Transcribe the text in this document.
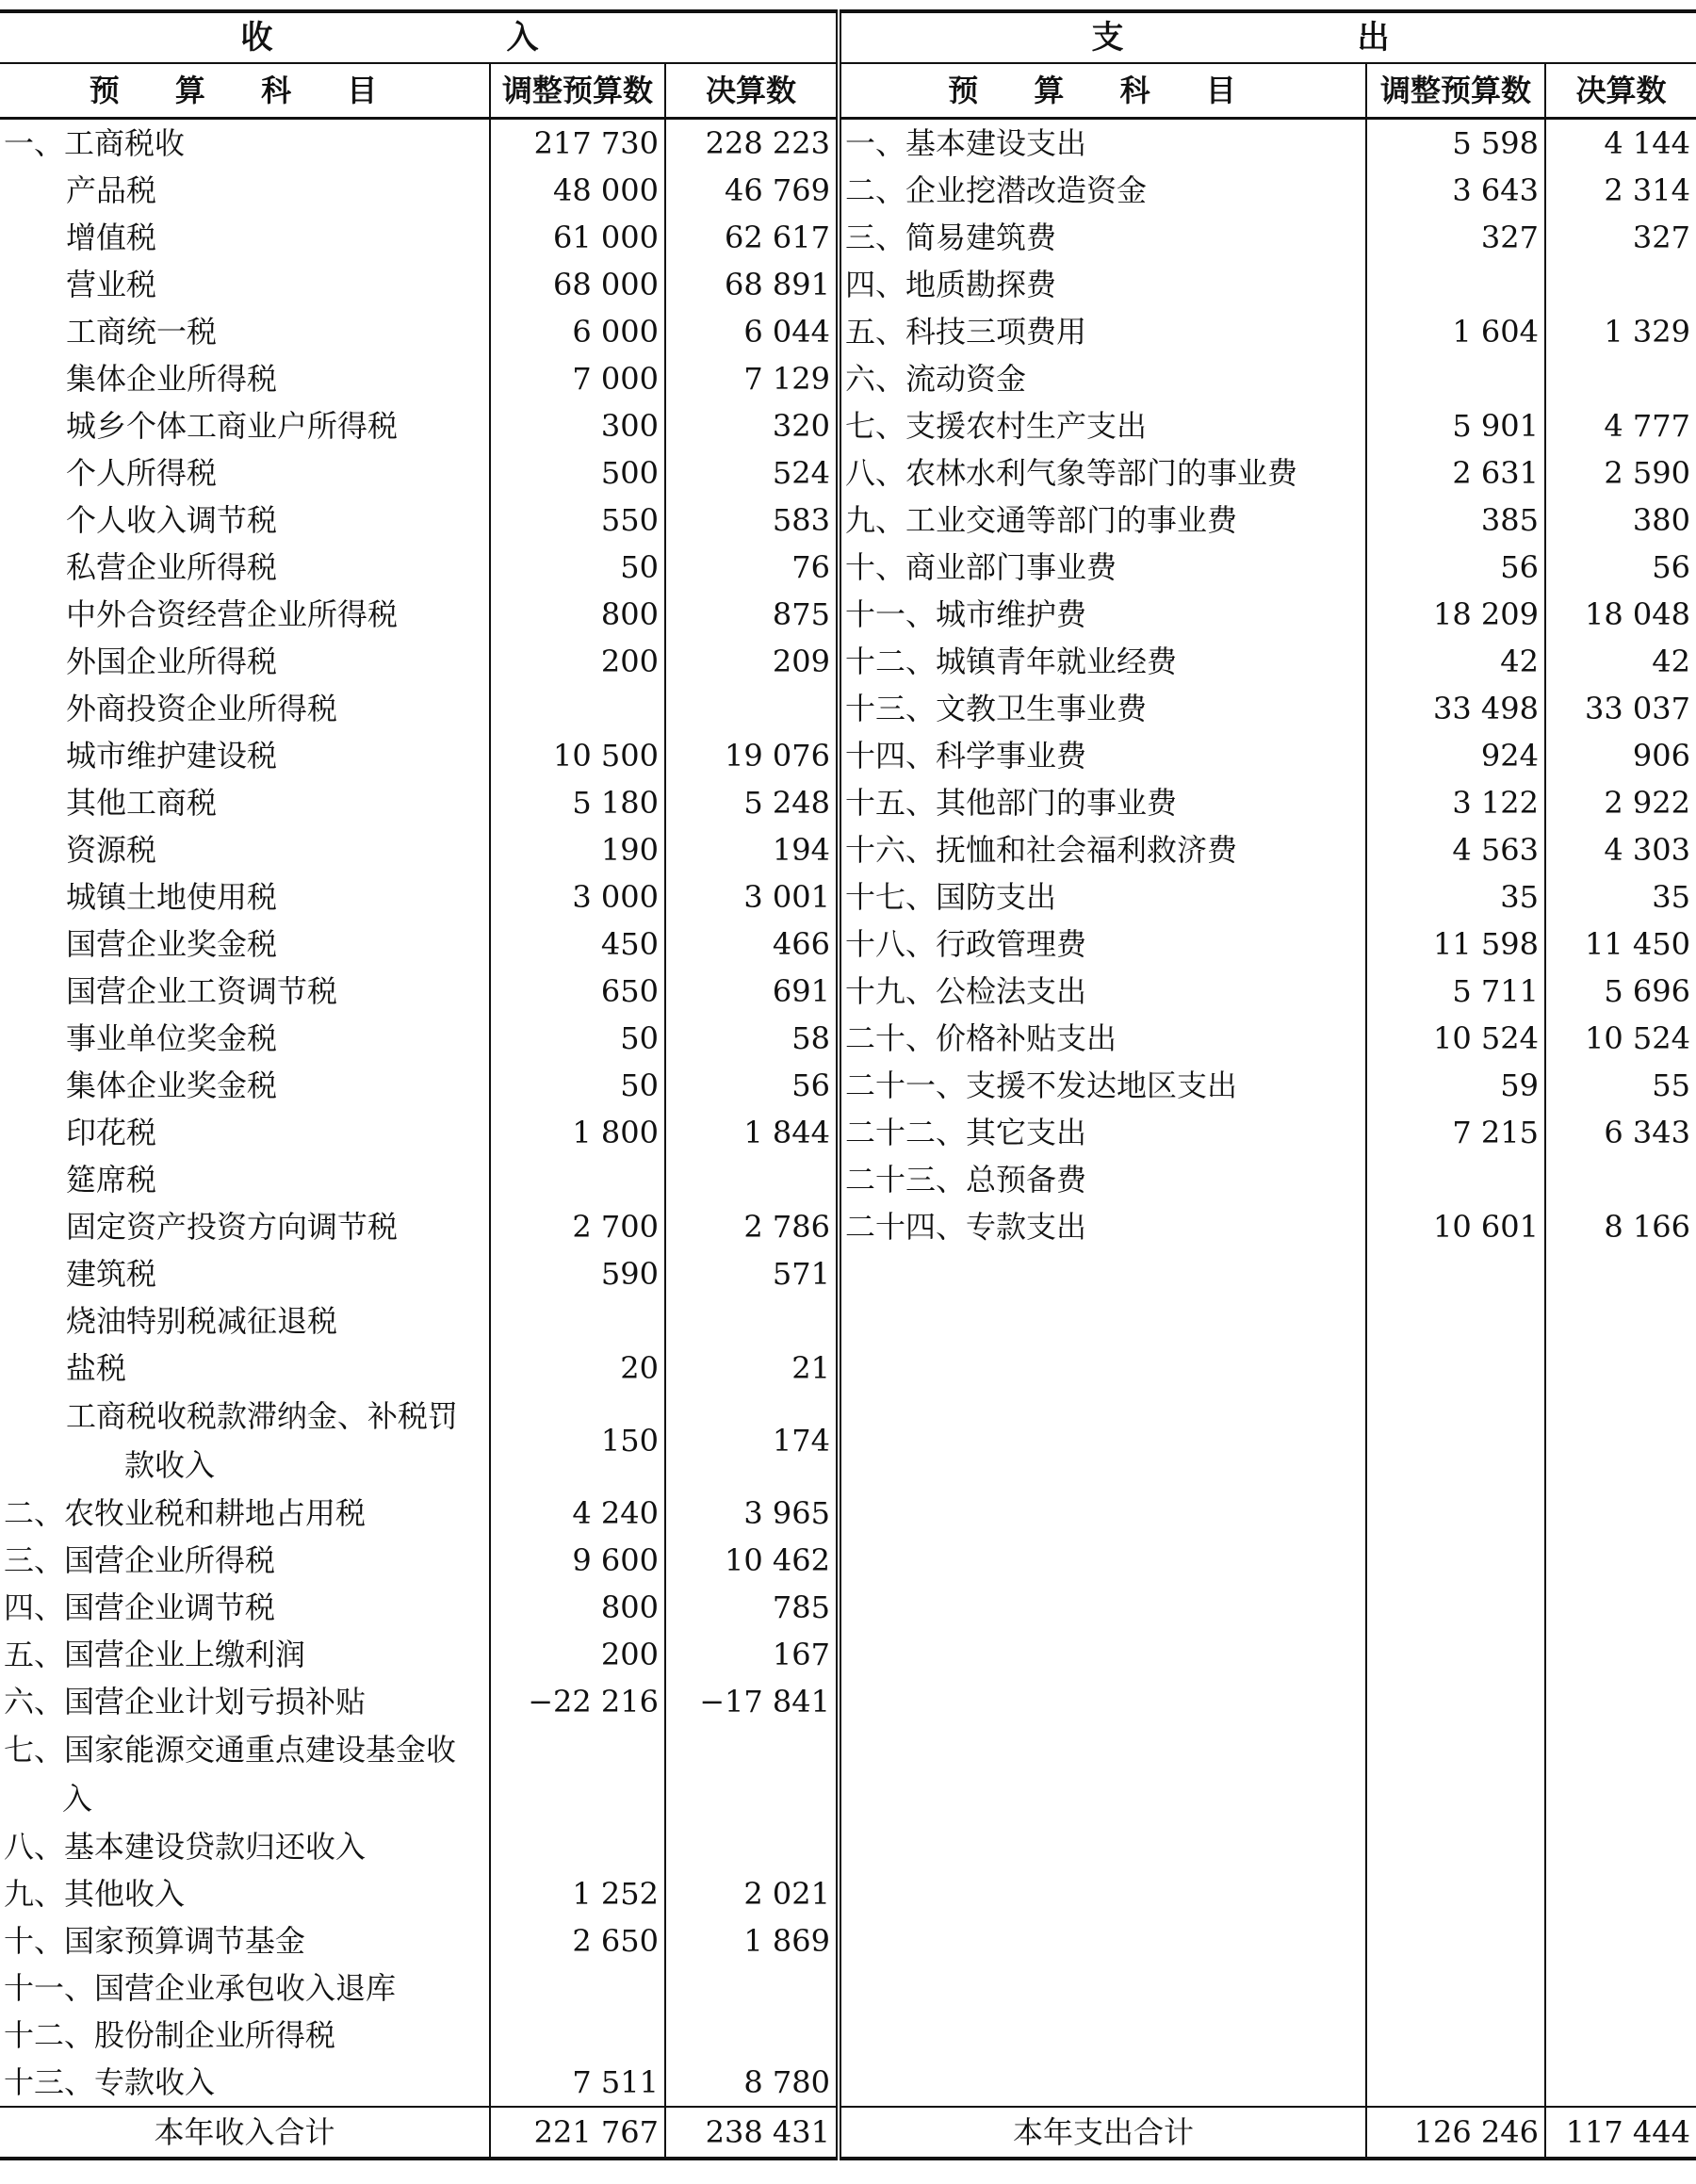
收　　入			支　　出		
预 算 科 目	调整预算数	决算数	预 算 科 目	调整预算数	决算数
一、工商税收	217 730	228 223	一、基本建设支出	5 598	4 144
产品税	48 000	46 769	二、企业挖潜改造资金	3 643	2 314
增值税	61 000	62 617	三、简易建筑费	327	327
营业税	68 000	68 891	四、地质勘探费		
工商统一税	6 000	6 044	五、科技三项费用	1 604	1 329
集体企业所得税	7 000	7 129	六、流动资金		
城乡个体工商业户所得税	300	320	七、支援农村生产支出	5 901	4 777
个人所得税	500	524	八、农林水利气象等部门的事业费	2 631	2 590
个人收入调节税	550	583	九、工业交通等部门的事业费	385	380
私营企业所得税	50	76	十、商业部门事业费	56	56
中外合资经营企业所得税	800	875	十一、城市维护费	18 209	18 048
外国企业所得税	200	209	十二、城镇青年就业经费	42	42
外商投资企业所得税			十三、文教卫生事业费	33 498	33 037
城市维护建设税	10 500	19 076	十四、科学事业费	924	906
其他工商税	5 180	5 248	十五、其他部门的事业费	3 122	2 922
资源税	190	194	十六、抚恤和社会福利救济费	4 563	4 303
城镇土地使用税	3 000	3 001	十七、国防支出	35	35
国营企业奖金税	450	466	十八、行政管理费	11 598	11 450
国营企业工资调节税	650	691	十九、公检法支出	5 711	5 696
事业单位奖金税	50	58	二十、价格补贴支出	10 524	10 524
集体企业奖金税	50	56	二十一、支援不发达地区支出	59	55
印花税	1 800	1 844	二十二、其它支出	7 215	6 343
筵席税			二十三、总预备费		
固定资产投资方向调节税	2 700	2 786	二十四、专款支出	10 601	8 166
建筑税	590	571			
烧油特别税减征退税					
盐税	20	21			
工商税收税款滞纳金、补税罚
款收入	150	174			
二、农牧业税和耕地占用税	4 240	3 965			
三、国营企业所得税	9 600	10 462			
四、国营企业调节税	800	785			
五、国营企业上缴利润	200	167			
六、国营企业计划亏损补贴	−22 216	−17 841			
七、国家能源交通重点建设基金收
入					
八、基本建设贷款归还收入					
九、其他收入	1 252	2 021			
十、国家预算调节基金	2 650	1 869			
十一、国营企业承包收入退库					
十二、股份制企业所得税					
十三、专款收入	7 511	8 780			
本年收入合计	221 767	238 431	本年支出合计	126 246	117 444
